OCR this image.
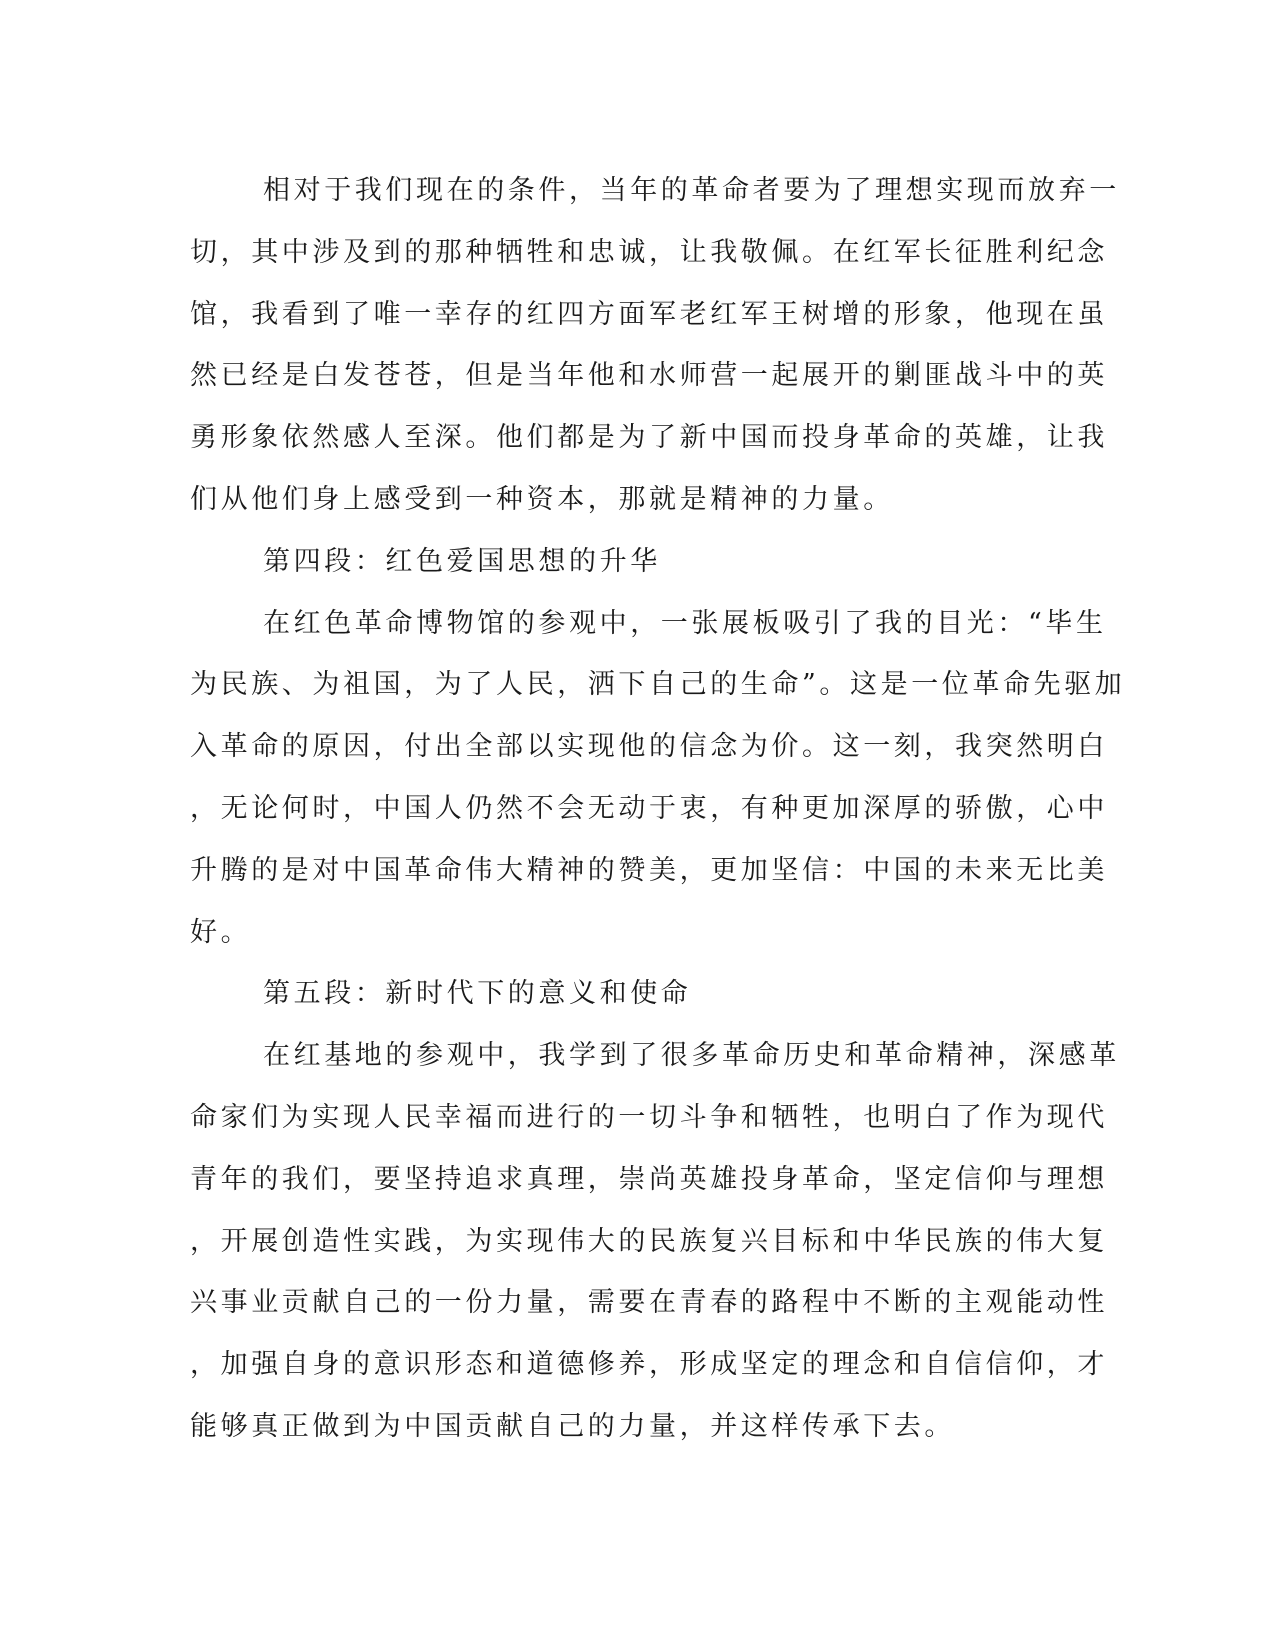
相对于我们现在的条件，当年的革命者要为了理想实现而放弃一
切，其中涉及到的那种牺牲和忠诚，让我敬佩。在红军长征胜利纪念
馆，我看到了唯一幸存的红四方面军老红军王树增的形象，他现在虽
然已经是白发苍苍，但是当年他和水师营一起展开的剿匪战斗中的英
勇形象依然感人至深。他们都是为了新中国而投身革命的英雄，让我
们从他们身上感受到一种资本，那就是精神的力量。
第四段：红色爱国思想的升华
在红色革命博物馆的参观中，一张展板吸引了我的目光：“毕生
为民族、为祖国，为了人民，洒下自己的生命”。这是一位革命先驱加
入革命的原因，付出全部以实现他的信念为价。这一刻，我突然明白
，无论何时，中国人仍然不会无动于衷，有种更加深厚的骄傲，心中
升腾的是对中国革命伟大精神的赞美，更加坚信：中国的未来无比美
好。
第五段：新时代下的意义和使命
在红基地的参观中，我学到了很多革命历史和革命精神，深感革
命家们为实现人民幸福而进行的一切斗争和牺牲，也明白了作为现代
青年的我们，要坚持追求真理，崇尚英雄投身革命，坚定信仰与理想
，开展创造性实践，为实现伟大的民族复兴目标和中华民族的伟大复
兴事业贡献自己的一份力量，需要在青春的路程中不断的主观能动性
，加强自身的意识形态和道德修养，形成坚定的理念和自信信仰，才
能够真正做到为中国贡献自己的力量，并这样传承下去。
